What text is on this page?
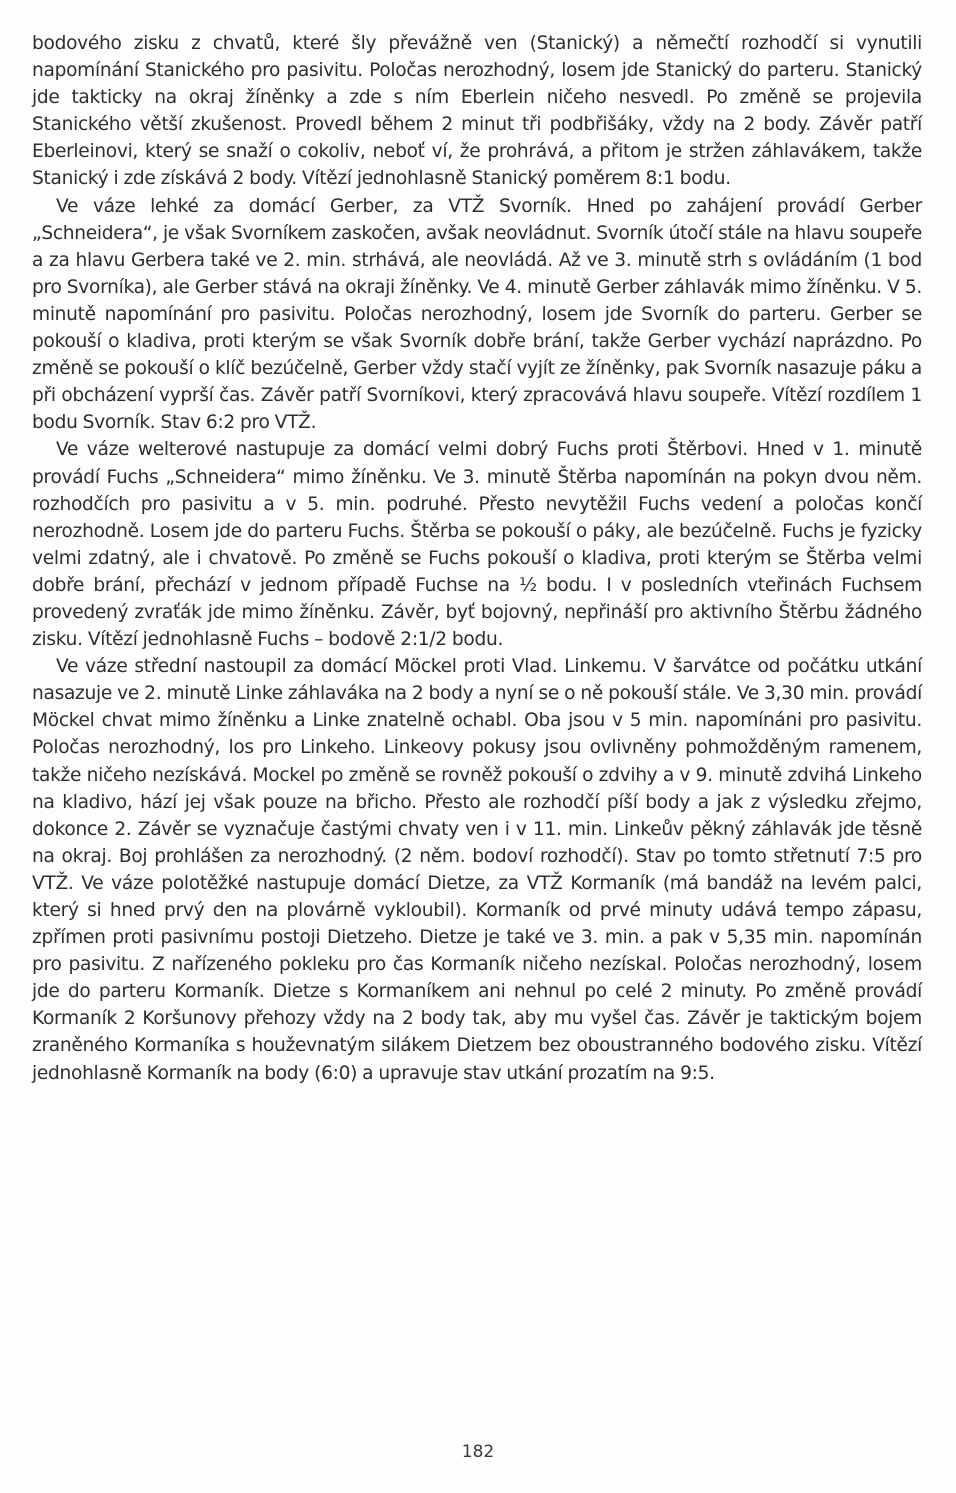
bodového zisku z chvatů, které šly převážně ven (Stanický) a němečtí rozhodčí si vynutili napomínání Stanického pro pasivitu. Poločas nerozhodný, losem jde Stanický do parteru. Stanický jde takticky na okraj žíněnky a zde s ním Eberlein ničeho nesvedl. Po změně se projevila Stanického větší zkušenost. Provedl během 2 minut tři podbřišáky, vždy na 2 body. Závěr patří Eberleinovi, který se snaží o cokoliv, neboť ví, že prohrává, a přitom je stržen záhlavákem, takže Stanický i zde získává 2 body. Vítězí jednohlasně Stanický poměrem 8:1 bodu.

Ve váze lehké za domácí Gerber, za VTŽ Svorník. Hned po zahájení provádí Gerber „Schneidera“, je však Svorníkem zaskočen, avšak neovládnut. Svorník útočí stále na hlavu soupeře a za hlavu Gerbera také ve 2. min. strhává, ale neovládá. Až ve 3. minutě strh s ovládáním (1 bod pro Svorníka), ale Gerber stává na okraji žíněnky. Ve 4. minutě Gerber záhlavák mimo žíněnku. V 5. minutě napomínání pro pasivitu. Poločas nerozhodný, losem jde Svorník do parteru. Gerber se pokouší o kladiva, proti kterým se však Svorník dobře brání, takže Gerber vychází naprázdno. Po změně se pokouší o klíč bezúčelně, Gerber vždy stačí vyjít ze žíněnky, pak Svorník nasazuje páku a při obcházení vyprší čas. Závěr patří Svorníkovi, který zpracovává hlavu soupeře. Vítězí rozdílem 1 bodu Svorník. Stav 6:2 pro VTŽ.

Ve váze welterové nastupuje za domácí velmi dobrý Fuchs proti Štěrbovi. Hned v 1. minutě provádí Fuchs „Schneidera“ mimo žíněnku. Ve 3. minutě Štěrba napomínán na pokyn dvou něm. rozhodčích pro pasivitu a v 5. min. podruhé. Přesto nevytěžil Fuchs vedení a poločas končí nerozhodně. Losem jde do parteru Fuchs. Štěrba se pokouší o páky, ale bezúčelně. Fuchs je fyzicky velmi zdatný, ale i chvatově. Po změně se Fuchs pokouší o kladiva, proti kterým se Štěrba velmi dobře brání, přechází v jednom případě Fuchse na ½ bodu. I v posledních vteřinách Fuchsem provedený zvraťák jde mimo žíněnku. Závěr, byť bojovný, nepřináší pro aktivního Štěrbu žádného zisku. Vítězí jednohlasně Fuchs – bodově 2:1/2 bodu.

Ve váze střední nastoupil za domácí Möckel proti Vlad. Linkemu. V šarvátce od počátku utkání nasazuje ve 2. minutě Linke záhlaváka na 2 body a nyní se o ně pokouší stále. Ve 3,30 min. provádí Möckel chvat mimo žíněnku a Linke znatelně ochabl. Oba jsou v 5 min. napomínáni pro pasivitu. Poločas nerozhodný, los pro Linkeho. Linkeovy pokusy jsou ovlivněny pohmožděným ramenem, takže ničeho nezískává. Mockel po změně se rovněž pokouší o zdvihy a v 9. minutě zdvihá Linkeho na kladivo, hází jej však pouze na břicho. Přesto ale rozhodčí píší body a jak z výsledku zřejmo, dokonce 2. Závěr se vyznačuje častými chvaty ven i v 11. min. Linkeův pěkný záhlavák jde těsně na okraj. Boj prohlášen za nerozhodný. (2 něm. bodoví rozhodčí). Stav po tomto střetnutí 7:5 pro VTŽ. Ve váze polotěžké nastupuje domácí Dietze, za VTŽ Kormaník (má bandáž na levém palci, který si hned prvý den na plovárně vykloubil). Kormaník od prvé minuty udává tempo zápasu, zpřímen proti pasivnímu postoji Dietzeho. Dietze je také ve 3. min. a pak v 5,35 min. napomínán pro pasivitu. Z nařízeného pokleku pro čas Kormaník ničeho nezískal. Poločas nerozhodný, losem jde do parteru Kormaník. Dietze s Kormaníkem ani nehnul po celé 2 minuty. Po změně provádí Kormaník 2 Koršunovy přehozy vždy na 2 body tak, aby mu vyšel čas. Závěr je taktickým bojem zraněného Kormaníka s houževnatým silákem Dietzem bez oboustranného bodového zisku. Vítězí jednohlasně Kormaník na body (6:0) a upravuje stav utkání prozatím na 9:5.

182
